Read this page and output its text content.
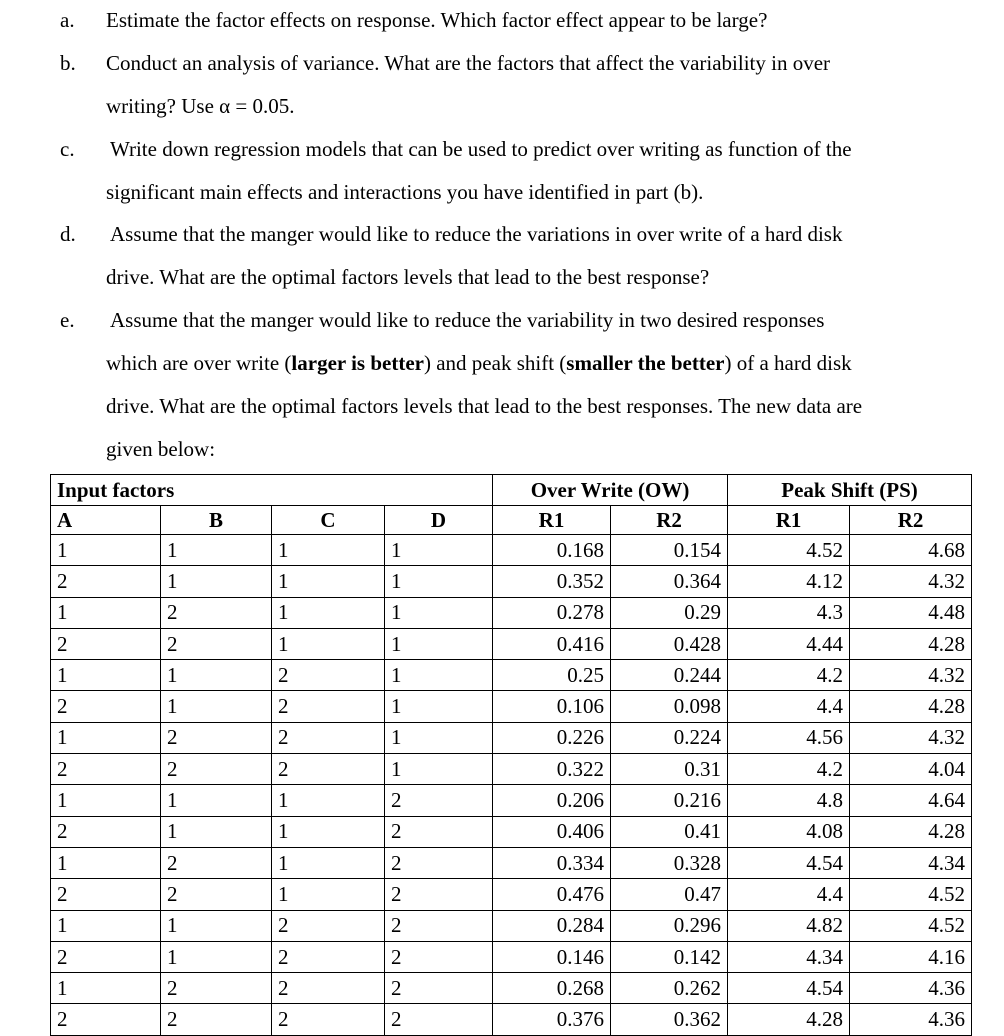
a. Estimate the factor effects on response. Which factor effect appear to be large?
b. Conduct an analysis of variance. What are the factors that affect the variability in over
writing? Use α = 0.05.
c. Write down regression models that can be used to predict over writing as function of the
significant main effects and interactions you have identified in part (b).
d. Assume that the manger would like to reduce the variations in over write of a hard disk
drive. What are the optimal factors levels that lead to the best response?
e. Assume that the manger would like to reduce the variability in two desired responses
which are over write (larger is better) and peak shift (smaller the better) of a hard disk
drive. What are the optimal factors levels that lead to the best responses. The new data are
given below:
Input factors				Over Write (OW)		Peak Shift (PS)	
A	B	C	D	R1	R2	R1	R2
1	1	1	1	0.168	0.154	4.52	4.68
2	1	1	1	0.352	0.364	4.12	4.32
1	2	1	1	0.278	0.29	4.3	4.48
2	2	1	1	0.416	0.428	4.44	4.28
1	1	2	1	0.25	0.244	4.2	4.32
2	1	2	1	0.106	0.098	4.4	4.28
1	2	2	1	0.226	0.224	4.56	4.32
2	2	2	1	0.322	0.31	4.2	4.04
1	1	1	2	0.206	0.216	4.8	4.64
2	1	1	2	0.406	0.41	4.08	4.28
1	2	1	2	0.334	0.328	4.54	4.34
2	2	1	2	0.476	0.47	4.4	4.52
1	1	2	2	0.284	0.296	4.82	4.52
2	1	2	2	0.146	0.142	4.34	4.16
1	2	2	2	0.268	0.262	4.54	4.36
2	2	2	2	0.376	0.362	4.28	4.36
